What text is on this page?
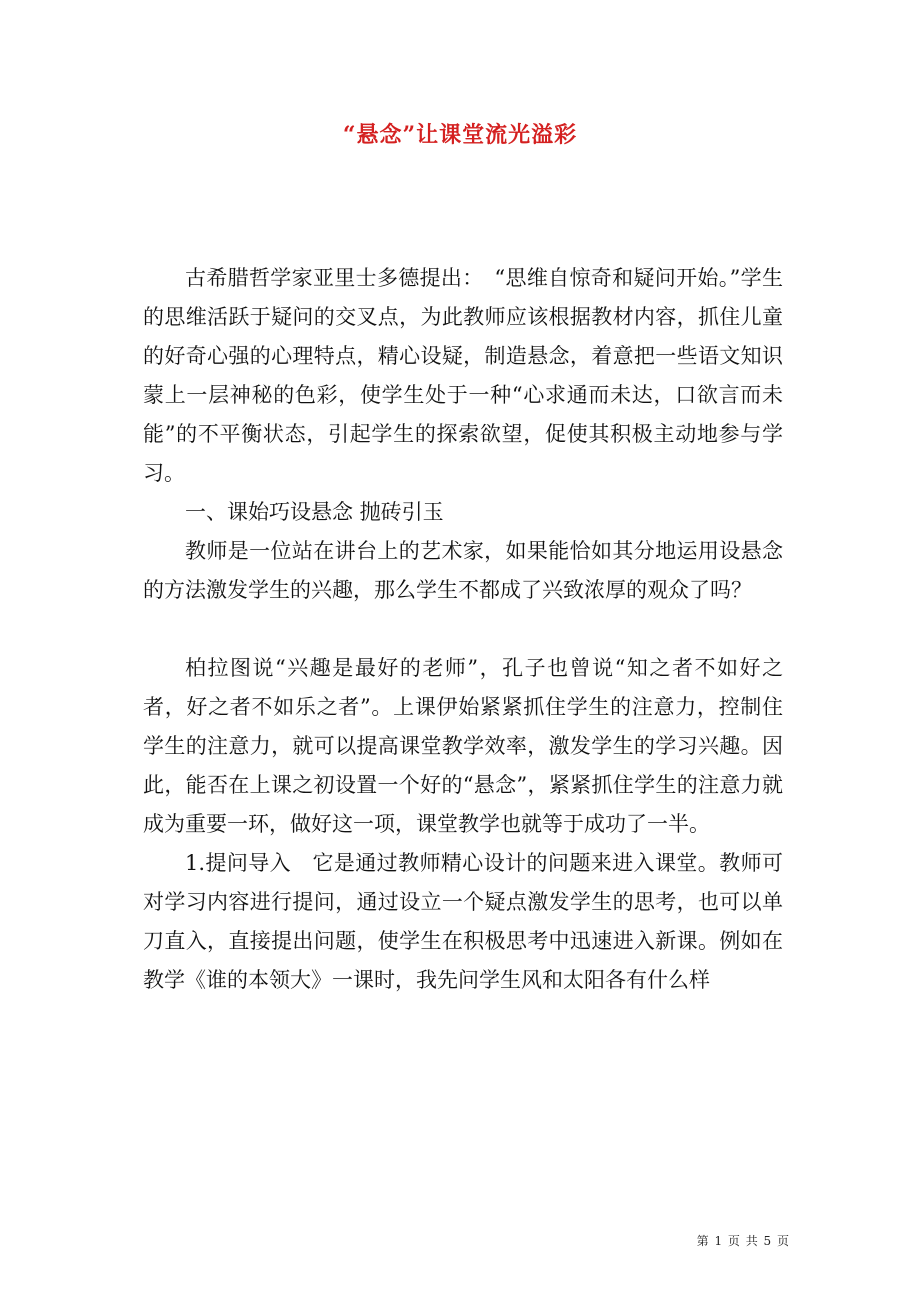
“悬念”让课堂流光溢彩

古希腊哲学家亚里士多德提出：　“思维自惊奇和疑问开始。”学生的思维活跃于疑问的交叉点，为此教师应该根据教材内容，抓住儿童的好奇心强的心理特点，精心设疑，制造悬念，着意把一些语文知识蒙上一层神秘的色彩，使学生处于一种“心求通而未达，口欲言而未能”的不平衡状态，引起学生的探索欲望，促使其积极主动地参与学习。

一、课始巧设悬念 抛砖引玉

教师是一位站在讲台上的艺术家，如果能恰如其分地运用设悬念的方法激发学生的兴趣，那么学生不都成了兴致浓厚的观众了吗？

柏拉图说“兴趣是最好的老师”，孔子也曾说“知之者不如好之者，好之者不如乐之者”。上课伊始紧紧抓住学生的注意力，控制住学生的注意力，就可以提高课堂教学效率，激发学生的学习兴趣。因此，能否在上课之初设置一个好的“悬念”，紧紧抓住学生的注意力就成为重要一环，做好这一项，课堂教学也就等于成功了一半。

1.提问导入　它是通过教师精心设计的问题来进入课堂。教师可对学习内容进行提问，通过设立一个疑点激发学生的思考，也可以单刀直入，直接提出问题，使学生在积极思考中迅速进入新课。例如在教学《谁的本领大》一课时，我先问学生风和太阳各有什么样

第 1 页 共 5 页
